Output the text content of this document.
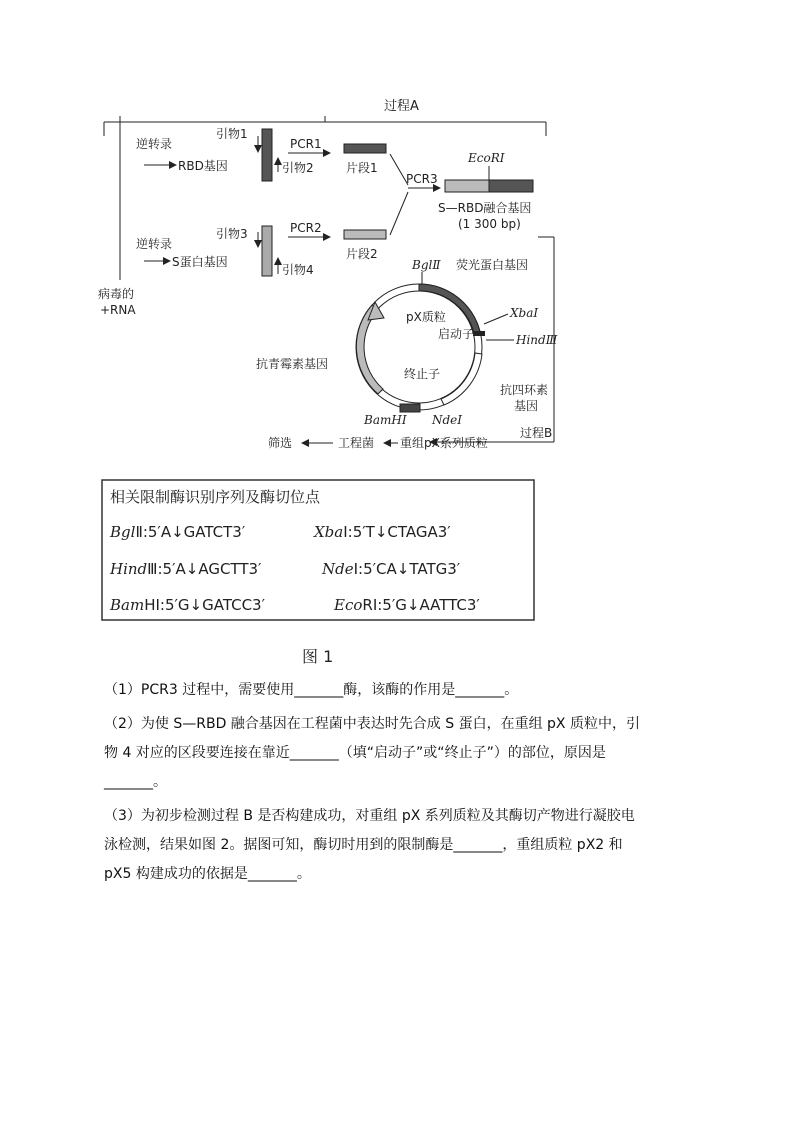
过程A
病毒的
+RNA
逆转录
RBD基因
引物1
引物2
PCR1
片段1
逆转录
S蛋白基因
引物3
引物4
PCR2
片段2
PCR3
EcoRⅠ
S—RBD融合基因
(1 300 bp)
过程B
BglⅡ 荧光蛋白基因
pX质粒	XbaⅠ
启动子	HindⅢ
抗青霉素基因
终止子
抗四环素
基因
BamHⅠ NdeⅠ
筛选	工程菌 重组pX系列质粒
相关限制酶识别序列及酶切位点
BglⅡ:5′A↓GATCT3′	XbaⅠ:5′T↓CTAGA3′
HindⅢ:5′A↓AGCTT3′	NdeⅠ:5′CA↓TATG3′
BamHⅠ:5′G↓GATCC3′	EcoRⅠ:5′G↓AATTC3′
图 1
（1）PCR3 过程中，需要使用_______酶，该酶的作用是_______。
（2）为使 S—RBD 融合基因在工程菌中表达时先合成 S 蛋白，在重组 pX 质粒中，引
物 4 对应的区段要连接在靠近_______（填“启动子”或“终止子”）的部位，原因是
_______。
（3）为初步检测过程 B 是否构建成功，对重组 pX 系列质粒及其酶切产物进行凝胶电
泳检测，结果如图 2。据图可知，酶切时用到的限制酶是_______，重组质粒 pX2 和
pX5 构建成功的依据是_______。
